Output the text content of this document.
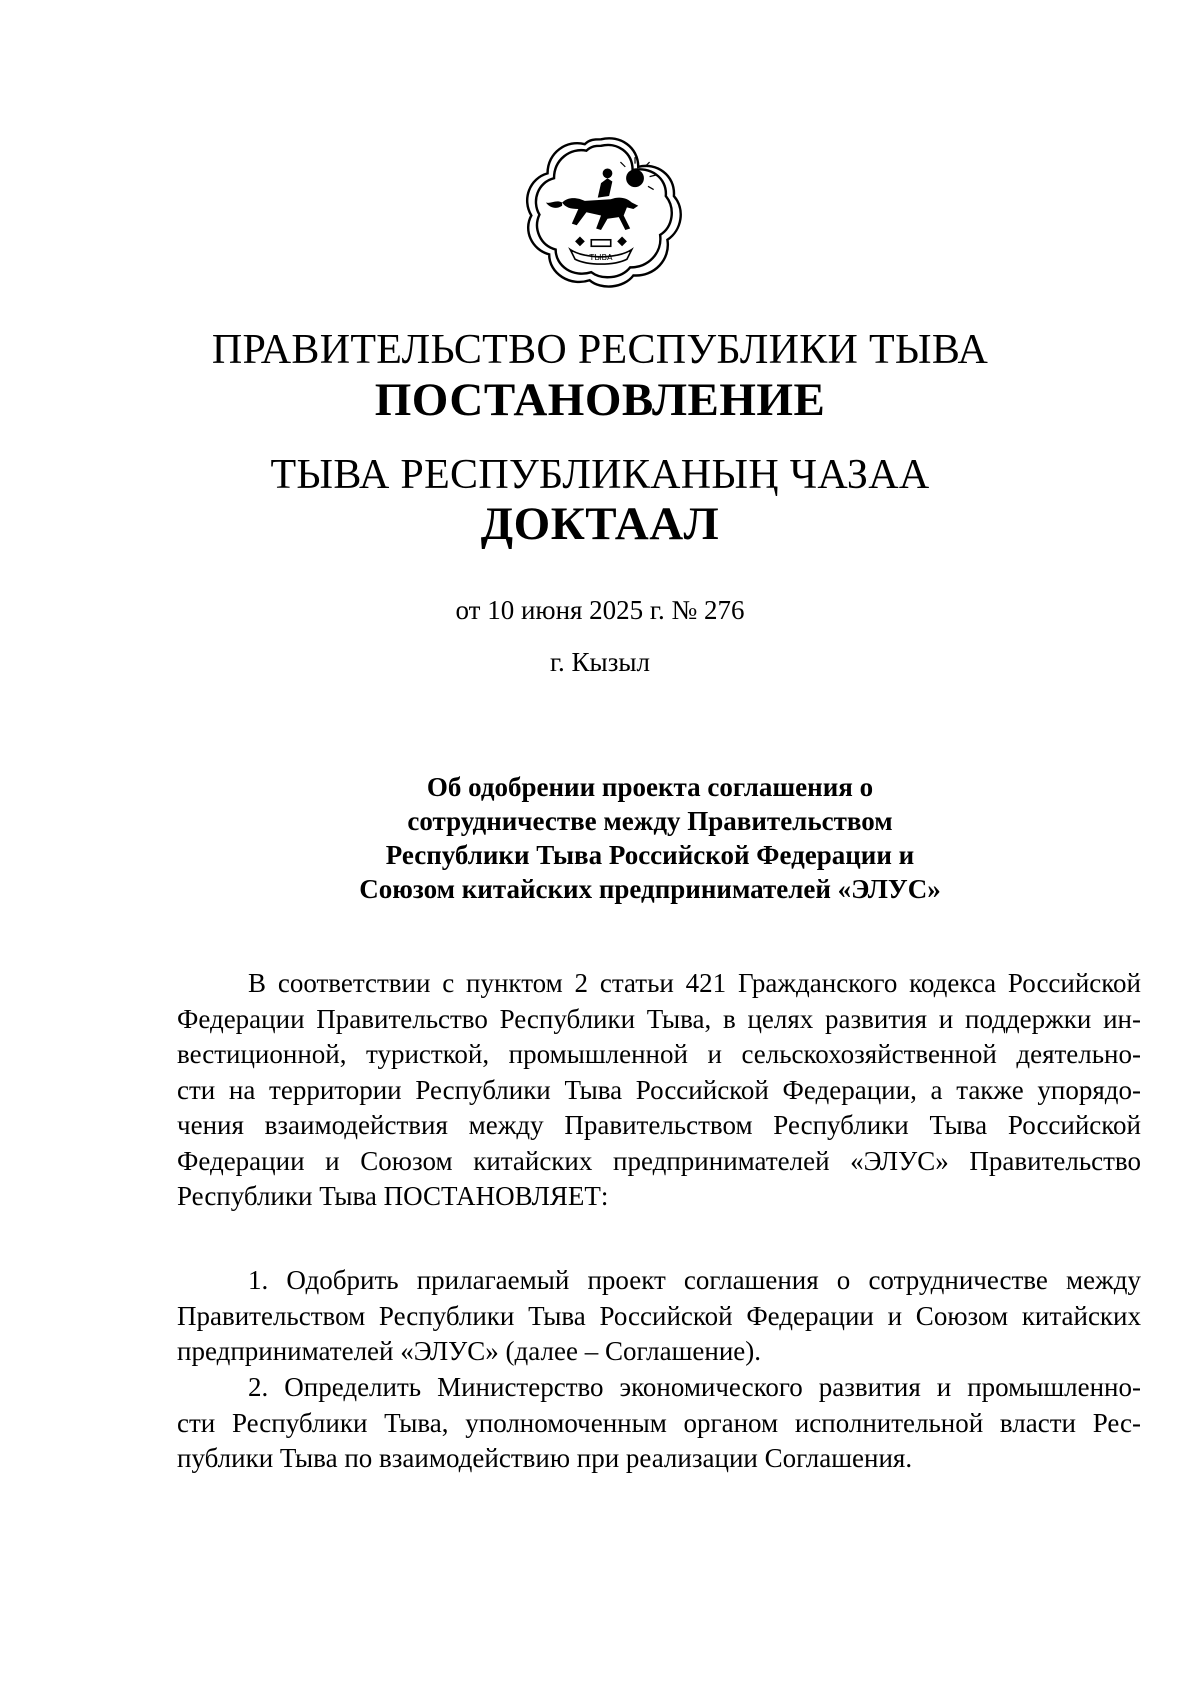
ТЫВА
ПРАВИТЕЛЬСТВО РЕСПУБЛИКИ ТЫВА
ПОСТАНОВЛЕНИЕ
ТЫВА РЕСПУБЛИКАНЫҢ ЧАЗАА
ДОКТААЛ
от 10 июня 2025 г. № 276
г. Кызыл
Об одобрении проекта соглашения о
сотрудничестве между Правительством
Республики Тыва Российской Федерации и
Союзом китайских предпринимателей «ЭЛУС»
В соответствии с пунктом 2 статьи 421 Гражданского кодекса Российской
Федерации Правительство Республики Тыва, в целях развития и поддержки ин-
вестиционной, туристкой, промышленной и сельскохозяйственной деятельно-
сти на территории Республики Тыва Российской Федерации, а также упорядо-
чения взаимодействия между Правительством Республики Тыва Российской
Федерации и Союзом китайских предпринимателей «ЭЛУС» Правительство
Республики Тыва ПОСТАНОВЛЯЕТ:
1. Одобрить прилагаемый проект соглашения о сотрудничестве между
Правительством Республики Тыва Российской Федерации и Союзом китайских
предпринимателей «ЭЛУС» (далее – Соглашение).
2. Определить Министерство экономического развития и промышленно-
сти Республики Тыва, уполномоченным органом исполнительной власти Рес-
публики Тыва по взаимодействию при реализации Соглашения.
